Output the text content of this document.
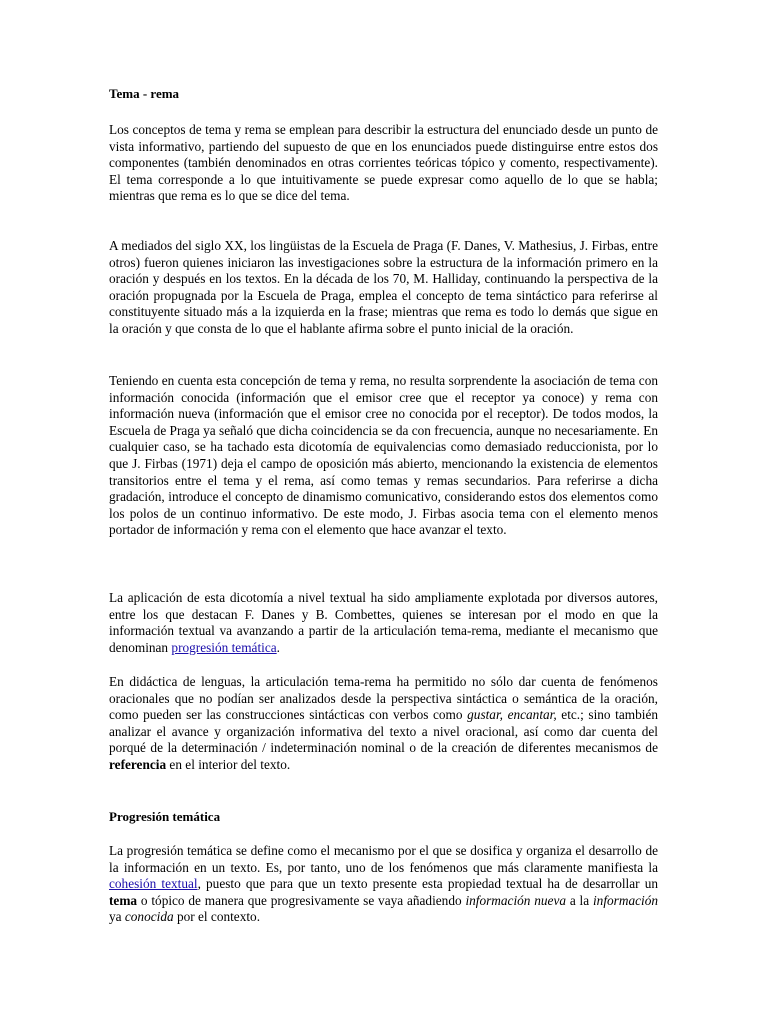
Tema - rema

Los conceptos de tema y rema se emplean para describir la estructura del enunciado desde un punto de vista informativo, partiendo del supuesto de que en los enunciados puede distinguirse entre estos dos componentes (también denominados en otras corrientes teóricas tópico y comento, respectivamente). El tema corresponde a lo que intuitivamente se puede expresar como aquello de lo que se habla; mientras que rema es lo que se dice del tema.

A mediados del siglo XX, los lingüistas de la Escuela de Praga (F. Danes, V. Mathesius, J. Firbas, entre otros) fueron quienes iniciaron las investigaciones sobre la estructura de la información primero en la oración y después en los textos. En la década de los 70, M. Halliday, continuando la perspectiva de la oración propugnada por la Escuela de Praga, emplea el concepto de tema sintáctico para referirse al constituyente situado más a la izquierda en la frase; mientras que rema es todo lo demás que sigue en la oración y que consta de lo que el hablante afirma sobre el punto inicial de la oración.

Teniendo en cuenta esta concepción de tema y rema, no resulta sorprendente la asociación de tema con información conocida (información que el emisor cree que el receptor ya conoce) y rema con información nueva (información que el emisor cree no conocida por el receptor). De todos modos, la Escuela de Praga ya señaló que dicha coincidencia se da con frecuencia, aunque no necesariamente. En cualquier caso, se ha tachado esta dicotomía de equivalencias como demasiado reduccionista, por lo que J. Firbas (1971) deja el campo de oposición más abierto, mencionando la existencia de elementos transitorios entre el tema y el rema, así como temas y remas secundarios. Para referirse a dicha gradación, introduce el concepto de dinamismo comunicativo, considerando estos dos elementos como los polos de un continuo informativo. De este modo, J. Firbas asocia tema con el elemento menos portador de información y rema con el elemento que hace avanzar el texto.

La aplicación de esta dicotomía a nivel textual ha sido ampliamente explotada por diversos autores, entre los que destacan F. Danes y B. Combettes, quienes se interesan por el modo en que la información textual va avanzando a partir de la articulación tema-rema, mediante el mecanismo que denominan progresión temática.

En didáctica de lenguas, la articulación tema-rema ha permitido no sólo dar cuenta de fenómenos oracionales que no podían ser analizados desde la perspectiva sintáctica o semántica de la oración, como pueden ser las construcciones sintácticas con verbos como gustar, encantar, etc.; sino también analizar el avance y organización informativa del texto a nivel oracional, así como dar cuenta del porqué de la determinación / indeterminación nominal o de la creación de diferentes mecanismos de referencia en el interior del texto.

Progresión temática

La progresión temática se define como el mecanismo por el que se dosifica y organiza el desarrollo de la información en un texto. Es, por tanto, uno de los fenómenos que más claramente manifiesta la cohesión textual, puesto que para que un texto presente esta propiedad textual ha de desarrollar un tema o tópico de manera que progresivamente se vaya añadiendo información nueva a la información ya conocida por el contexto.
